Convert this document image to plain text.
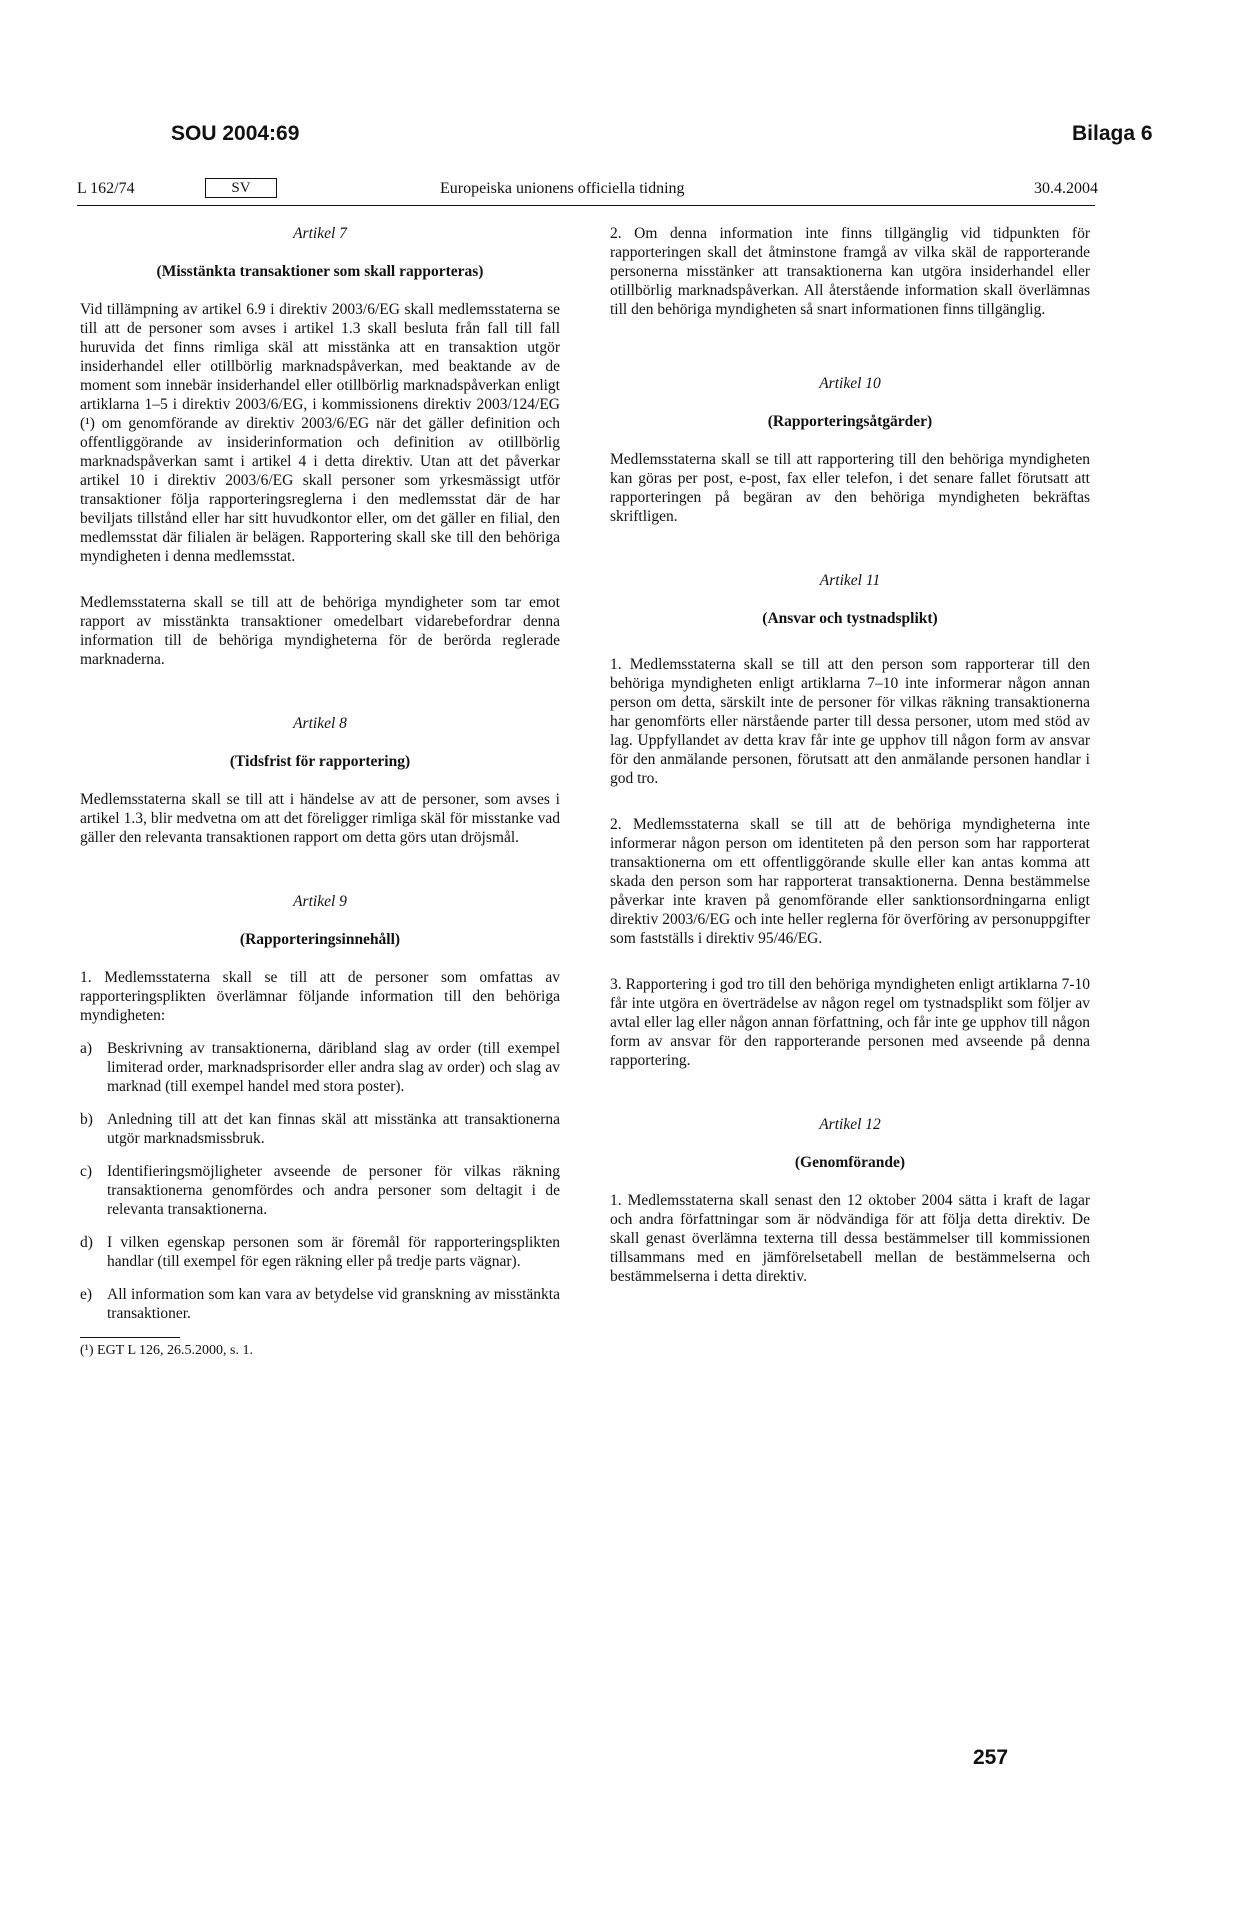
SOU 2004:69	Bilaga 6
L 162/74	SV	Europeiska unionens officiella tidning	30.4.2004
Artikel 7
(Misstänkta transaktioner som skall rapporteras)

Vid tillämpning av artikel 6.9 i direktiv 2003/6/EG skall medlemsstaterna se till att de personer som avses i artikel 1.3 skall besluta från fall till fall huruvida det finns rimliga skäl att misstänka att en transaktion utgör insiderhandel eller otillbörlig marknadspåverkan, med beaktande av de moment som innebär insiderhandel eller otillbörlig marknadspåverkan enligt artiklarna 1–5 i direktiv 2003/6/EG, i kommissionens direktiv 2003/124/EG (¹) om genomförande av direktiv 2003/6/EG när det gäller definition och offentliggörande av insiderinformation och definition av otillbörlig marknadspåverkan samt i artikel 4 i detta direktiv. Utan att det påverkar artikel 10 i direktiv 2003/6/EG skall personer som yrkesmässigt utför transaktioner följa rapporteringsreglerna i den medlemsstat där de har beviljats tillstånd eller har sitt huvudkontor eller, om det gäller en filial, den medlemsstat där filialen är belägen. Rapportering skall ske till den behöriga myndigheten i denna medlemsstat.

Medlemsstaterna skall se till att de behöriga myndigheter som tar emot rapport av misstänkta transaktioner omedelbart vidarebefordrar denna information till de behöriga myndigheterna för de berörda reglerade marknaderna.

Artikel 8
(Tidsfrist för rapportering)

Medlemsstaterna skall se till att i händelse av att de personer, som avses i artikel 1.3, blir medvetna om att det föreligger rimliga skäl för misstanke vad gäller den relevanta transaktionen rapport om detta görs utan dröjsmål.

Artikel 9
(Rapporteringsinnehåll)

1. Medlemsstaterna skall se till att de personer som omfattas av rapporteringsplikten överlämnar följande information till den behöriga myndigheten:

a) Beskrivning av transaktionerna, däribland slag av order (till exempel limiterad order, marknadsprisorder eller andra slag av order) och slag av marknad (till exempel handel med stora poster).
b) Anledning till att det kan finnas skäl att misstänka att transaktionerna utgör marknadsmissbruk.
c) Identifieringsmöjligheter avseende de personer för vilkas räkning transaktionerna genomfördes och andra personer som deltagit i de relevanta transaktionerna.
d) I vilken egenskap personen som är föremål för rapporteringsplikten handlar (till exempel för egen räkning eller på tredje parts vägnar).
e) All information som kan vara av betydelse vid granskning av misstänkta transaktioner.
(¹) EGT L 126, 26.5.2000, s. 1.

2. Om denna information inte finns tillgänglig vid tidpunkten för rapporteringen skall det åtminstone framgå av vilka skäl de rapporterande personerna misstänker att transaktionerna kan utgöra insiderhandel eller otillbörlig marknadspåverkan. All återstående information skall överlämnas till den behöriga myndigheten så snart informationen finns tillgänglig.

Artikel 10
(Rapporteringsåtgärder)

Medlemsstaterna skall se till att rapportering till den behöriga myndigheten kan göras per post, e-post, fax eller telefon, i det senare fallet förutsatt att rapporteringen på begäran av den behöriga myndigheten bekräftas skriftligen.

Artikel 11
(Ansvar och tystnadsplikt)

1. Medlemsstaterna skall se till att den person som rapporterar till den behöriga myndigheten enligt artiklarna 7–10 inte informerar någon annan person om detta, särskilt inte de personer för vilkas räkning transaktionerna har genomförts eller närstående parter till dessa personer, utom med stöd av lag. Uppfyllandet av detta krav får inte ge upphov till någon form av ansvar för den anmälande personen, förutsatt att den anmälande personen handlar i god tro.

2. Medlemsstaterna skall se till att de behöriga myndigheterna inte informerar någon person om identiteten på den person som har rapporterat transaktionerna om ett offentliggörande skulle eller kan antas komma att skada den person som har rapporterat transaktionerna. Denna bestämmelse påverkar inte kraven på genomförande eller sanktionsordningarna enligt direktiv 2003/6/EG och inte heller reglerna för överföring av personuppgifter som fastställs i direktiv 95/46/EG.

3. Rapportering i god tro till den behöriga myndigheten enligt artiklarna 7-10 får inte utgöra en överträdelse av någon regel om tystnadsplikt som följer av avtal eller lag eller någon annan författning, och får inte ge upphov till någon form av ansvar för den rapporterande personen med avseende på denna rapportering.

Artikel 12
(Genomförande)

1. Medlemsstaterna skall senast den 12 oktober 2004 sätta i kraft de lagar och andra författningar som är nödvändiga för att följa detta direktiv. De skall genast överlämna texterna till dessa bestämmelser till kommissionen tillsammans med en jämförelsetabell mellan de bestämmelserna och bestämmelserna i detta direktiv.

257
